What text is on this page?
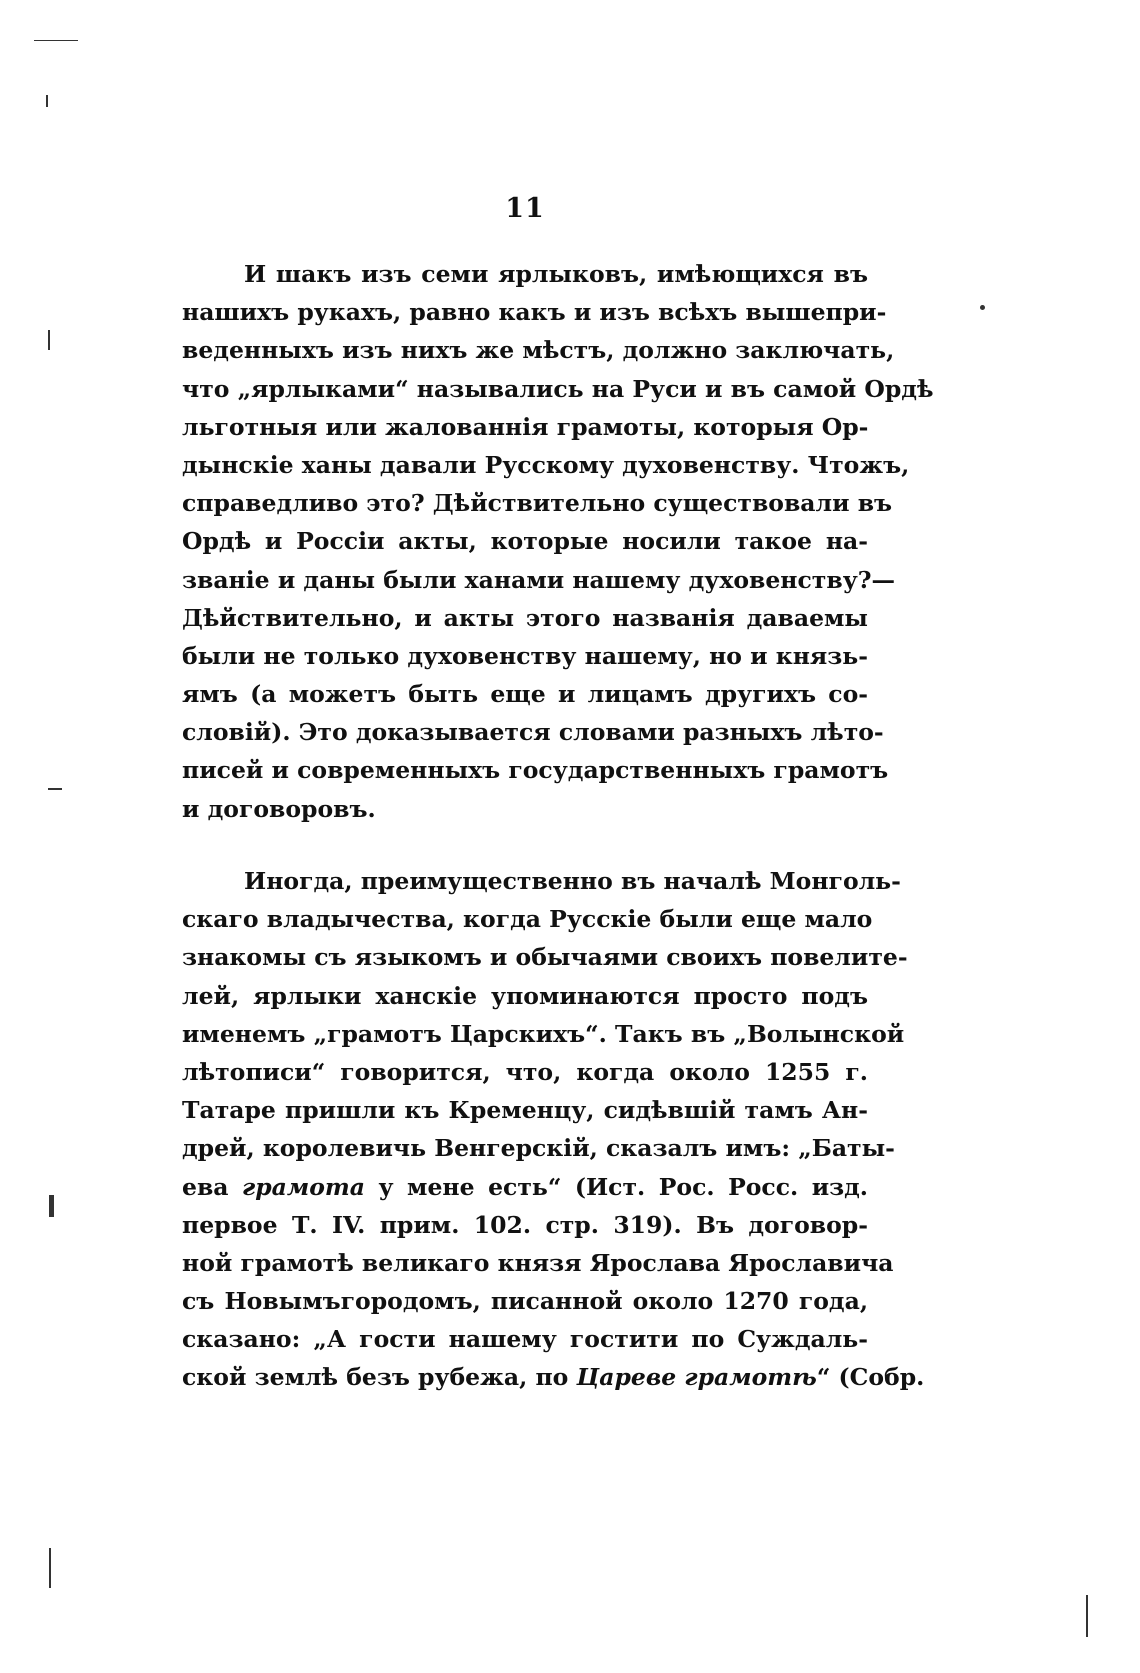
11
И шакъ изъ семи ярлыковъ, имѣющихся въ
нашихъ рукахъ, равно какъ и изъ всѣхъ вышепри-
веденныхъ изъ нихъ же мѣстъ, должно заключать,
что „ярлыками“ назывались на Руси и въ самой Ордѣ
льготныя или жалованнія грамоты, которыя Ор-
дынскіе ханы давали Русскому духовенству. Чтожъ,
справедливо это? Дѣйствительно существовали въ
Ордѣ и Россіи акты, которые носили такое на-
званіе и даны были ханами нашему духовенству?—
Дѣйствительно, и акты этого названія даваемы
были не только духовенству нашему, но и князь-
ямъ (а можетъ быть еще и лицамъ другихъ со-
словій). Это доказывается словами разныхъ лѣто-
писей и современныхъ государственныхъ грамотъ
и договоровъ.
Иногда, преимущественно въ началѣ Монголь-
скаго владычества, когда Русскіе были еще мало
знакомы съ языкомъ и обычаями своихъ повелите-
лей, ярлыки ханскіе упоминаются просто подъ
именемъ „грамотъ Царскихъ“. Такъ въ „Волынской
лѣтописи“ говорится, что, когда около 1255 г.
Татаре пришли къ Кременцу, сидѣвшій тамъ Ан-
дрей, королевичь Венгерскій, сказалъ имъ: „Баты-
ева грамота у мене есть“ (Ист. Рос. Росс. изд.
первое Т. IV. прим. 102. стр. 319). Въ договор-
ной грамотѣ великаго князя Ярослава Ярославича
съ Новымъгородомъ, писанной около 1270 года,
сказано: „А гости нашему гостити по Суждаль-
ской землѣ безъ рубежа, по Цареве грамотѣ“ (Собр.
